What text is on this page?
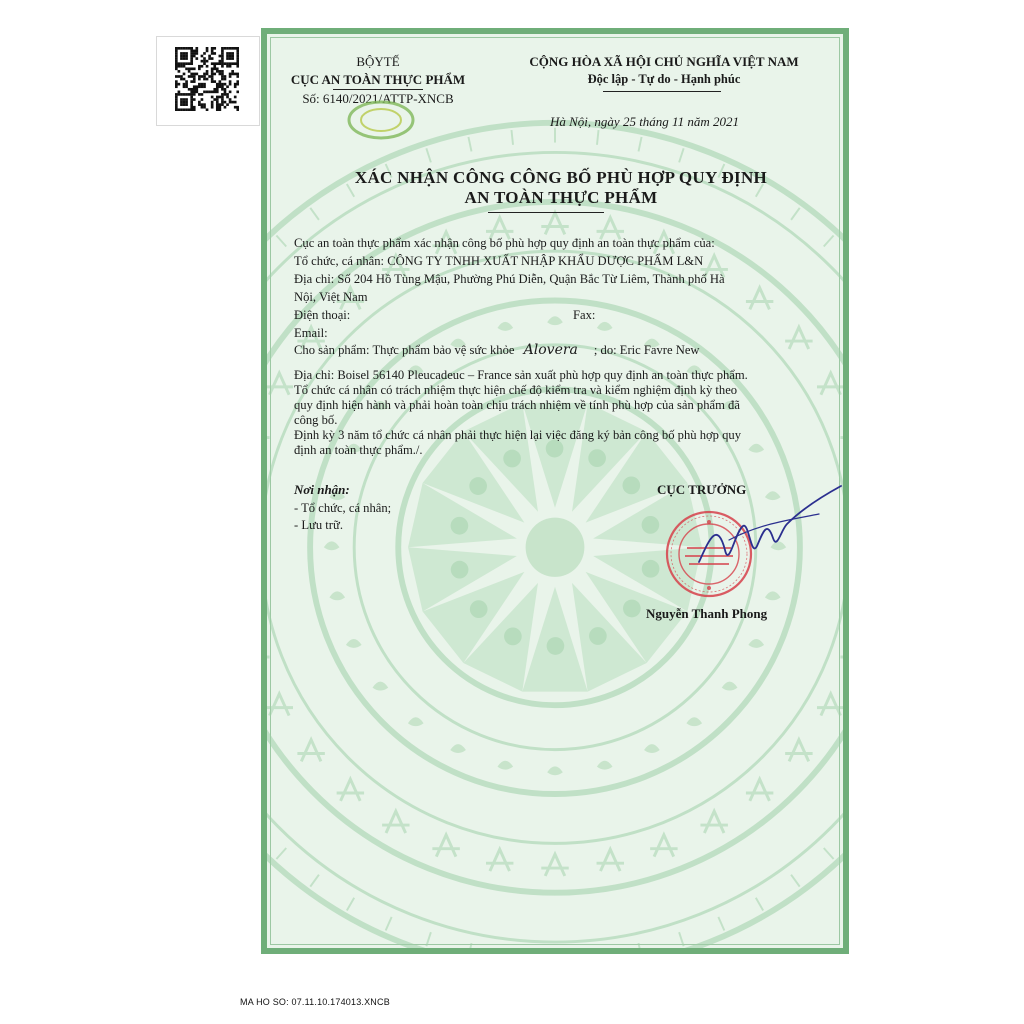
BỘYTẾ
CỤC AN TOÀN THỰC PHẨM
Số: 6140/2021/ATTP-XNCB
CỘNG HÒA XÃ HỘI CHỦ NGHĨA VIỆT NAM
Độc lập - Tự do - Hạnh phúc
Hà Nội, ngày 25 tháng 11 năm 2021
XÁC NHẬN CÔNG CÔNG BỐ PHÙ HỢP QUY ĐỊNH
AN TOÀN THỰC PHẨM
Cục an toàn thực phẩm xác nhận công bố phù hợp quy định an toàn thực phẩm của:
Tổ chức, cá nhân: CÔNG TY TNHH XUẤT NHẬP KHẨU DƯỢC PHẨM L&N
Địa chỉ: Số 204 Hồ Tùng Mậu, Phường Phú Diễn, Quận Bắc Từ Liêm, Thành phố Hà
Nội, Việt Nam
Điện thoại:	Fax:
Email:
Cho sản phẩm: Thực phẩm bảo vệ sức khỏe Alovera ; do: Eric Favre New
Địa chỉ: Boisel 56140 Pleucadeuc – France sản xuất phù hợp quy định an toàn thực phẩm.
Tổ chức cá nhân có trách nhiệm thực hiện chế độ kiểm tra và kiểm nghiệm định kỳ theo
quy định hiện hành và phải hoàn toàn chịu trách nhiệm về tính phù hợp của sản phẩm đã
công bố.
Định kỳ 3 năm tổ chức cá nhân phải thực hiện lại việc đăng ký bản công bố phù hợp quy
định an toàn thực phẩm./.
Nơi nhận:
- Tổ chức, cá nhân;
- Lưu trữ.
CỤC TRƯỞNG
Nguyễn Thanh Phong
MA HO SO: 07.11.10.174013.XNCB
